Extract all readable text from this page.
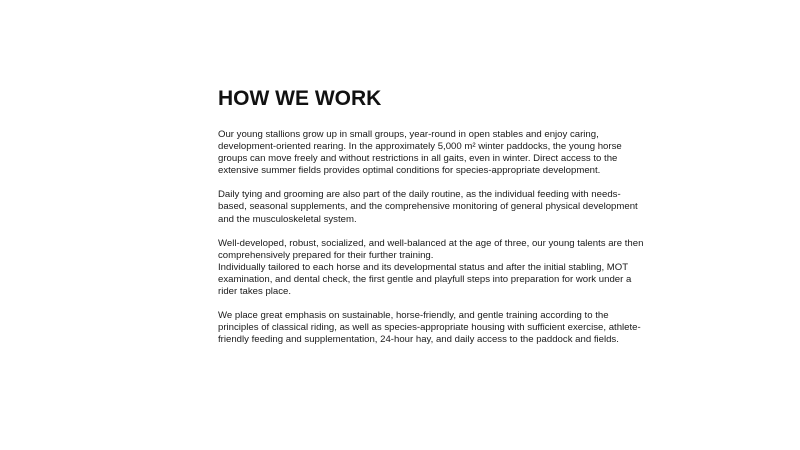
HOW WE WORK

Our young stallions grow up in small groups, year-round in open stables and enjoy caring,
development-oriented rearing. In the approximately 5,000 m² winter paddocks, the young horse
groups can move freely and without restrictions in all gaits, even in winter. Direct access to the
extensive summer fields provides optimal conditions for species-appropriate development.

Daily tying and grooming are also part of the daily routine, as the individual feeding with needs-
based, seasonal supplements, and the comprehensive monitoring of general physical development
and the musculoskeletal system.

Well-developed, robust, socialized, and well-balanced at the age of three, our young talents are then
comprehensively prepared for their further training.
Individually tailored to each horse and its developmental status and after the initial stabling, MOT
examination, and dental check, the first gentle and playfull steps into preparation for work under a
rider takes place.

We place great emphasis on sustainable, horse-friendly, and gentle training according to the
principles of classical riding, as well as species-appropriate housing with sufficient exercise, athlete-
friendly feeding and supplementation, 24-hour hay, and daily access to the paddock and fields.
